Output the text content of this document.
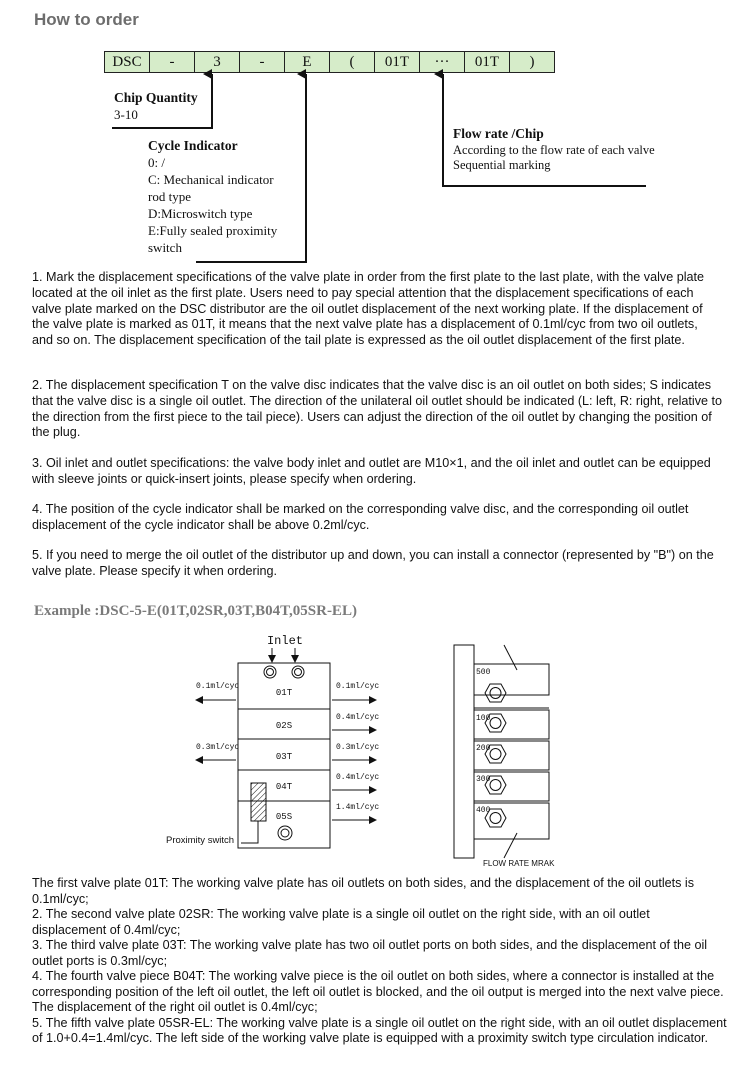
How to order
DSC	-	3	-	E	(	01T	···	01T	)
Chip Quantity
3-10
Cycle Indicator
0: /
C: Mechanical indicator
rod type
D:Microswitch type
E:Fully sealed proximity
switch
Flow rate /Chip
According to the flow rate of each valve
Sequential marking

1. Mark the displacement specifications of the valve plate in order from the first plate to the last plate, with the valve plate located at the oil inlet as the first plate. Users need to pay special attention that the displacement specifications of each valve plate marked on the DSC distributor are the oil outlet displacement of the next working plate. If the displacement of the valve plate is marked as 01T, it means that the next valve plate has a displacement of 0.1ml/cyc from two oil outlets, and so on. The displacement specification of the tail plate is expressed as the oil outlet displacement of the first plate.

2. The displacement specification T on the valve disc indicates that the valve disc is an oil outlet on both sides; S indicates that the valve disc is a single oil outlet. The direction of the unilateral oil outlet should be indicated (L: left, R: right, relative to the direction from the first piece to the tail piece). Users can adjust the direction of the oil outlet by changing the position of the plug.

3. Oil inlet and outlet specifications: the valve body inlet and outlet are M10×1, and the oil inlet and outlet can be equipped with sleeve joints or quick-insert joints, please specify when ordering.

4. The position of the cycle indicator shall be marked on the corresponding valve disc, and the corresponding oil outlet displacement of the cycle indicator shall be above 0.2ml/cyc.

5. If you need to merge the oil outlet of the distributor up and down, you can install a connector (represented by "B") on the valve plate. Please specify it when ordering.

Example :DSC-5-E(01T,02SR,03T,B04T,05SR-EL)
Inlet
01T
02S
03T
04T
05S
Proximity switch
0.1ml/cyc
0.3ml/cyc
0.1ml/cyc
0.4ml/cyc
0.3ml/cyc
0.4ml/cyc
1.4ml/cyc
500
100
200
300
400
FLOW RATE MRAK
The first valve plate 01T: The working valve plate has oil outlets on both sides, and the displacement of the oil outlets is 0.1ml/cyc;
2. The second valve plate 02SR: The working valve plate is a single oil outlet on the right side, with an oil outlet displacement of 0.4ml/cyc;
3. The third valve plate 03T: The working valve plate has two oil outlet ports on both sides, and the displacement of the oil outlet ports is 0.3ml/cyc;
4. The fourth valve piece B04T: The working valve piece is the oil outlet on both sides, where a connector is installed at the corresponding position of the left oil outlet, the left oil outlet is blocked, and the oil output is merged into the next valve piece. The displacement of the right oil outlet is 0.4ml/cyc;
5. The fifth valve plate 05SR-EL: The working valve plate is a single oil outlet on the right side, with an oil outlet displacement of 1.0+0.4=1.4ml/cyc. The left side of the working valve plate is equipped with a proximity switch type circulation indicator.
